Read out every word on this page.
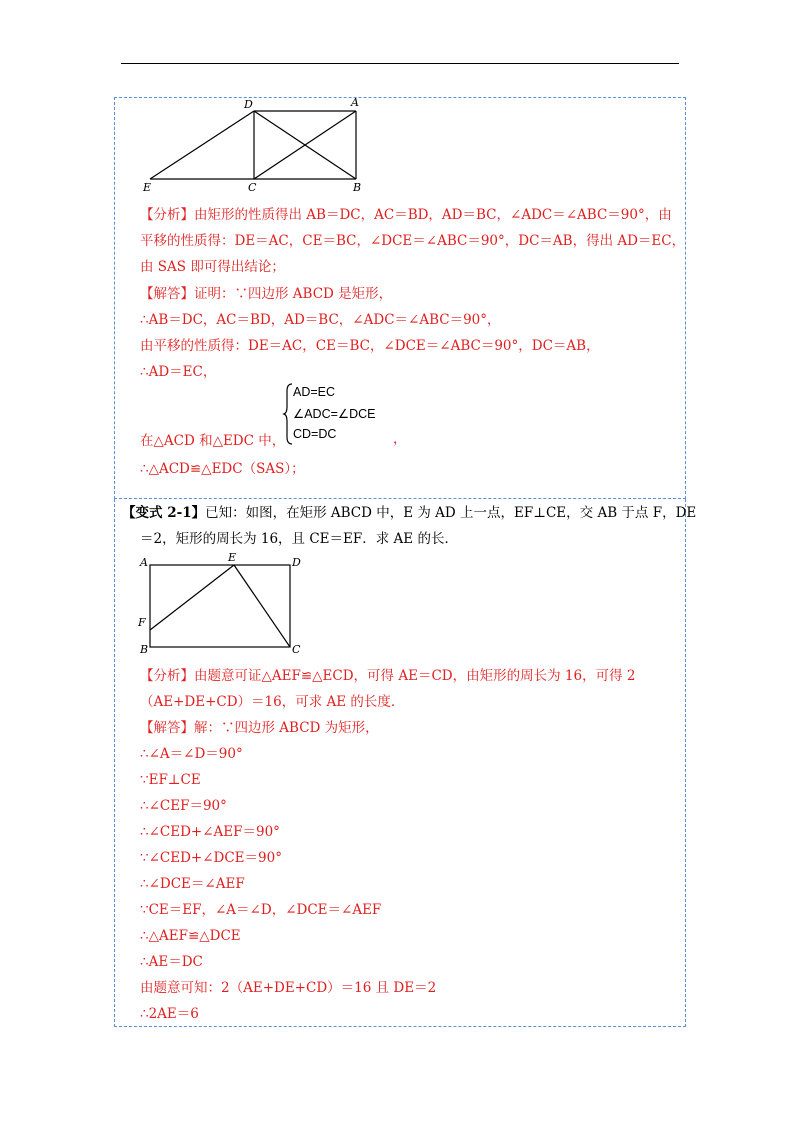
D	A
E	C	B
【分析】由矩形的性质得出 AB＝DC，AC＝BD，AD＝BC，∠ADC＝∠ABC＝90°，由
平移的性质得：DE＝AC，CE＝BC，∠DCE＝∠ABC＝90°，DC＝AB，得出 AD＝EC，
由 SAS 即可得出结论；
【解答】证明：∵四边形 ABCD 是矩形，
∴AB＝DC，AC＝BD，AD＝BC，∠ADC＝∠ABC＝90°，
由平移的性质得：DE＝AC，CE＝BC，∠DCE＝∠ABC＝90°，DC＝AB，
∴AD＝EC，
AD=EC
∠ADC=∠DCE
CD=DC	，
在△ACD 和△EDC 中，
∴△ACD≌△EDC（SAS）；
【变式 2-1】已知：如图，在矩形 ABCD 中，E 为 AD 上一点，EF⊥CE，交 AB 于点 F，DE
＝2，矩形的周长为 16，且 CE＝EF．求 AE 的长．
A	E	D
F
B	C
【分析】由题意可证△AEF≌△ECD，可得 AE＝CD，由矩形的周长为 16，可得 2
（AE+DE+CD）＝16，可求 AE 的长度．
【解答】解：∵四边形 ABCD 为矩形，
∴∠A＝∠D＝90°
∵EF⊥CE
∴∠CEF＝90°
∴∠CED+∠AEF＝90°
∵∠CED+∠DCE＝90°
∴∠DCE＝∠AEF
∵CE＝EF，∠A＝∠D，∠DCE＝∠AEF
∴△AEF≌△DCE
∴AE＝DC
由题意可知：2（AE+DE+CD）＝16 且 DE＝2
∴2AE＝6
